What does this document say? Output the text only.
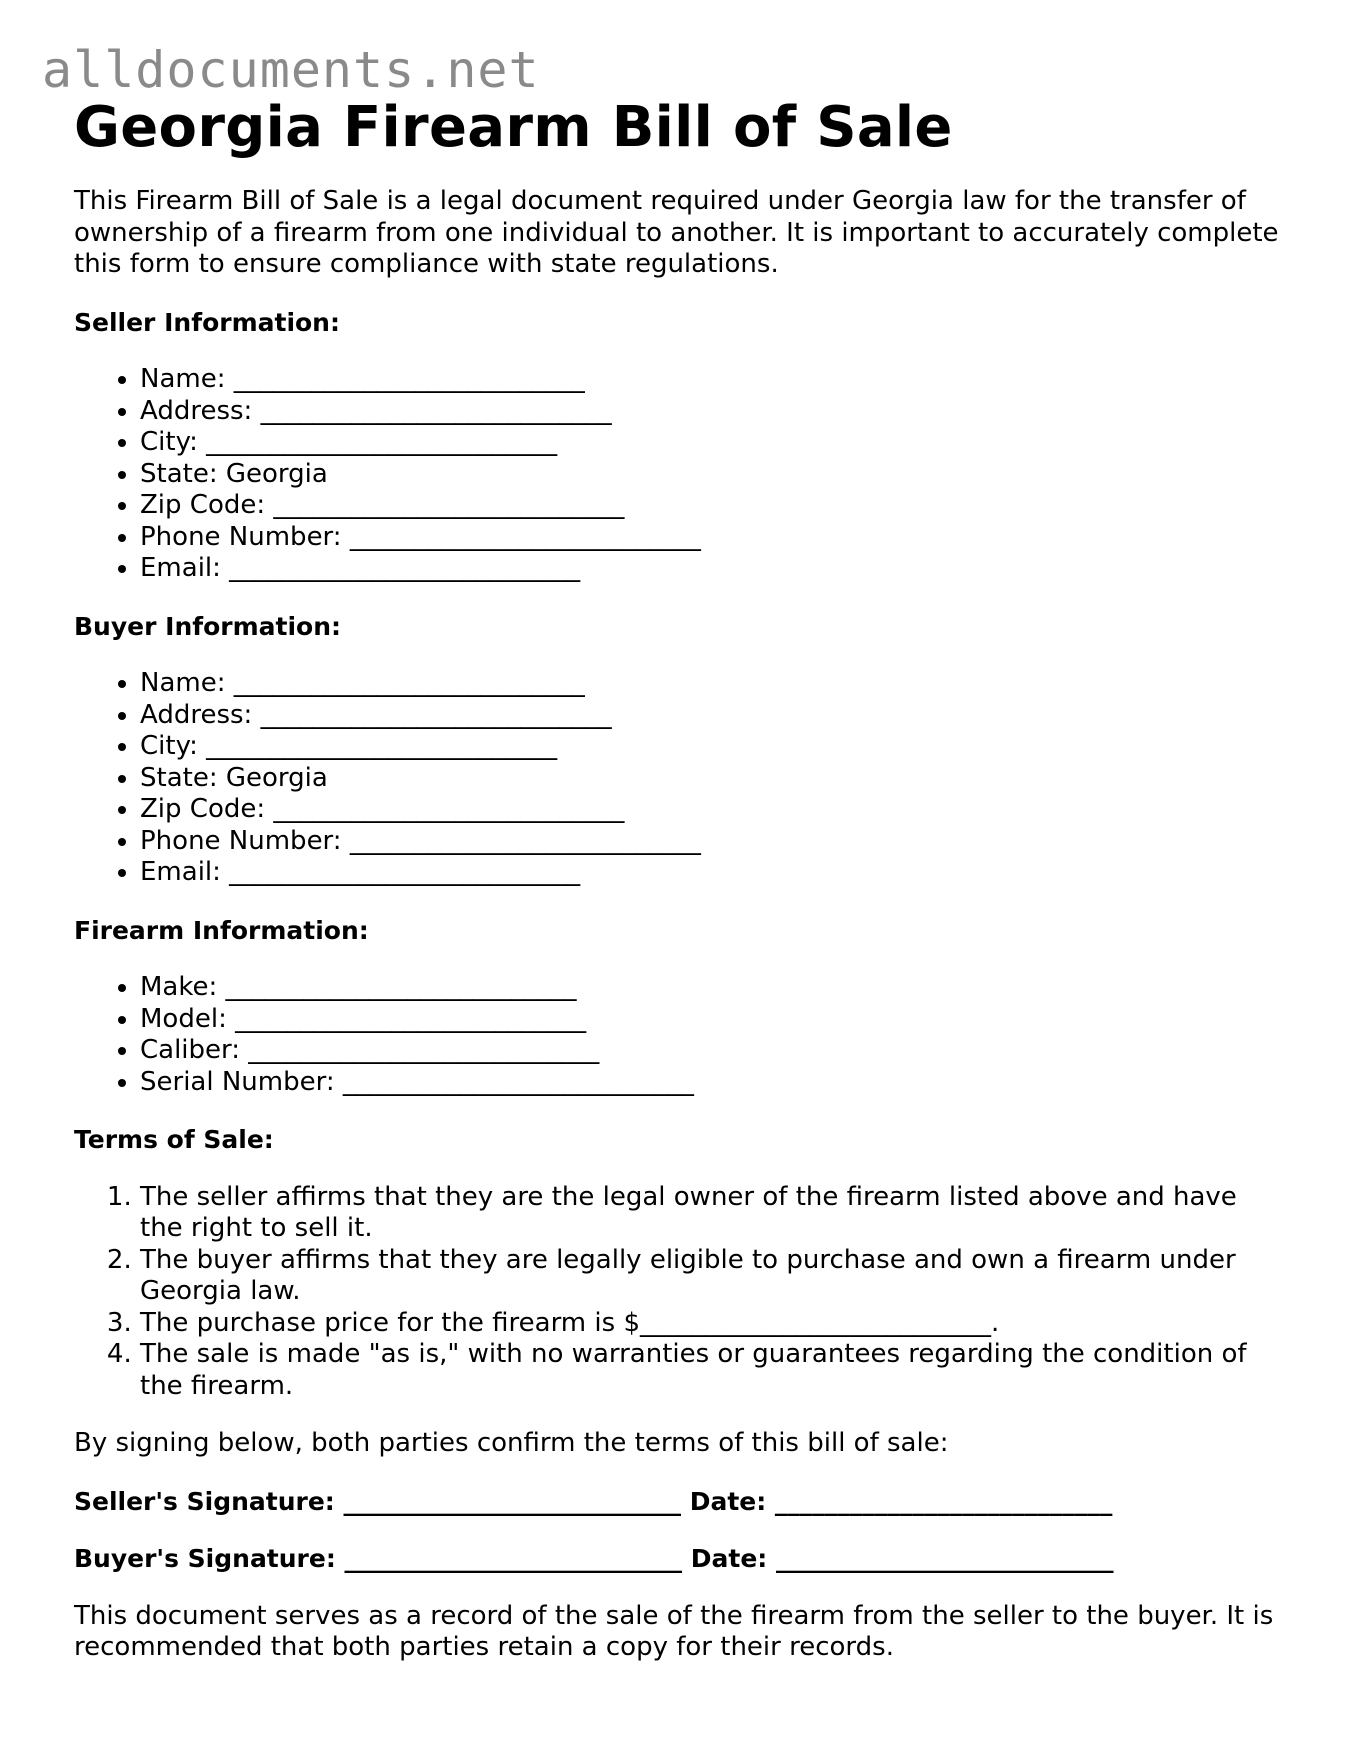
alldocuments.net
Georgia Firearm Bill of Sale

This Firearm Bill of Sale is a legal document required under Georgia law for the transfer of ownership of a firearm from one individual to another. It is important to accurately complete this form to ensure compliance with state regulations.

Seller Information:
• Name: ___________________________
• Address: ___________________________
• City: ___________________________
• State: Georgia
• Zip Code: ___________________________
• Phone Number: ___________________________
• Email: ___________________________
Buyer Information:
• Name: ___________________________
• Address: ___________________________
• City: ___________________________
• State: Georgia
• Zip Code: ___________________________
• Phone Number: ___________________________
• Email: ___________________________
Firearm Information:
• Make: ___________________________
• Model: ___________________________
• Caliber: ___________________________
• Serial Number: ___________________________
Terms of Sale:
1. The seller affirms that they are the legal owner of the firearm listed above and have the right to sell it.
2. The buyer affirms that they are legally eligible to purchase and own a firearm under Georgia law.
3. The purchase price for the firearm is $___________________________.
4. The sale is made "as is," with no warranties or guarantees regarding the condition of the firearm.

By signing below, both parties confirm the terms of this bill of sale:

Seller's Signature: ___________________________ Date: ___________________________
Buyer's Signature: ___________________________ Date: ___________________________

This document serves as a record of the sale of the firearm from the seller to the buyer. It is recommended that both parties retain a copy for their records.
